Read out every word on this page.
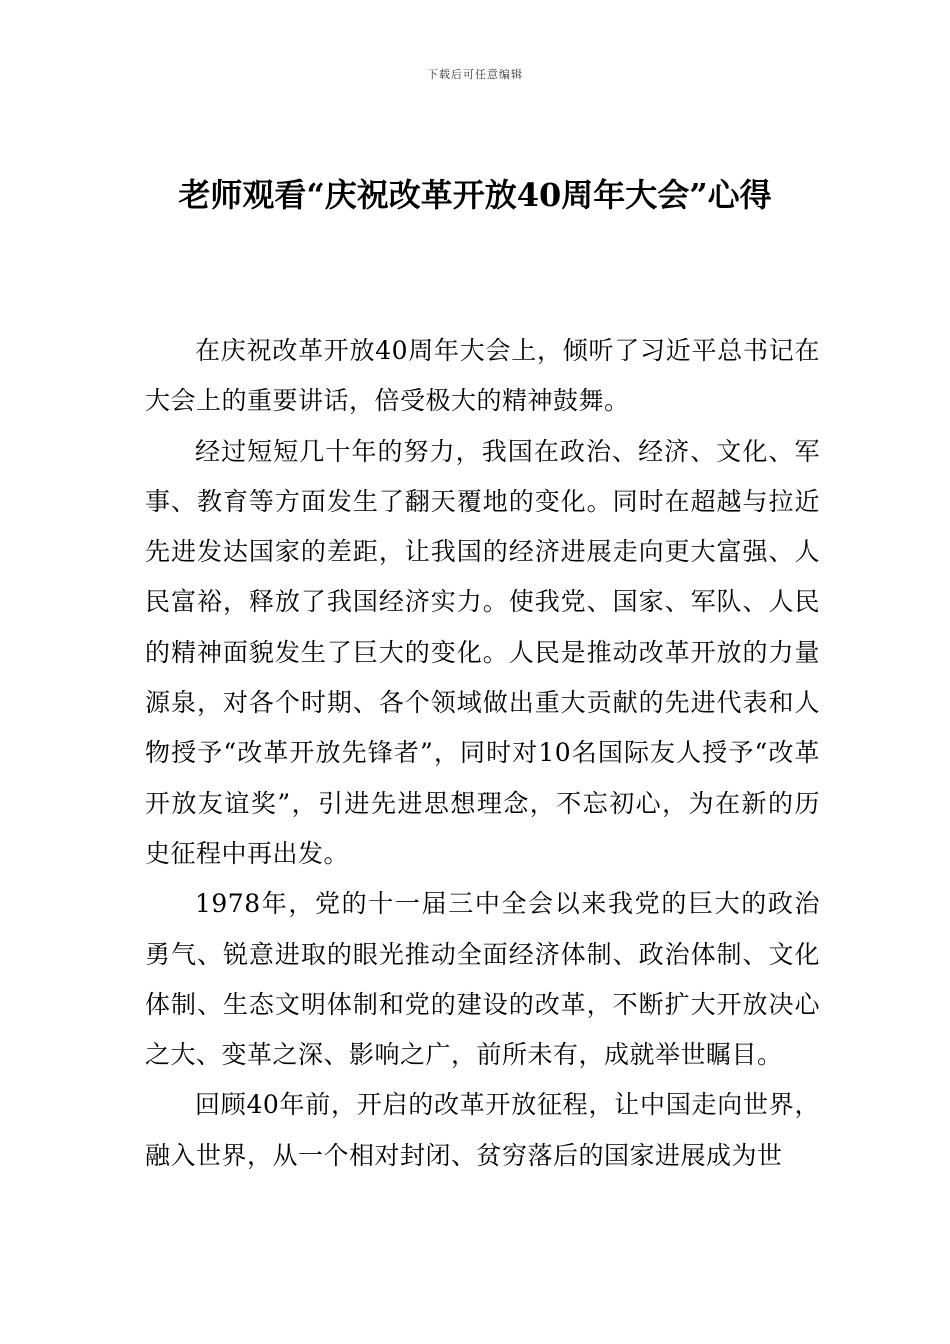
下载后可任意编辑
老师观看“庆祝改革开放40周年大会”心得

在庆祝改革开放40周年大会上，倾听了习近平总书记在大会上的重要讲话，倍受极大的精神鼓舞。

经过短短几十年的努力，我国在政治、经济、文化、军事、教育等方面发生了翻天覆地的变化。同时在超越与拉近先进发达国家的差距，让我国的经济进展走向更大富强、人民富裕，释放了我国经济实力。使我党、国家、军队、人民的精神面貌发生了巨大的变化。人民是推动改革开放的力量源泉，对各个时期、各个领域做出重大贡献的先进代表和人物授予“改革开放先锋者”，同时对10名国际友人授予“改革开放友谊奖”，引进先进思想理念，不忘初心，为在新的历史征程中再出发。

1978年，党的十一届三中全会以来我党的巨大的政治勇气、锐意进取的眼光推动全面经济体制、政治体制、文化体制、生态文明体制和党的建设的改革，不断扩大开放决心之大、变革之深、影响之广，前所未有，成就举世瞩目。

回顾40年前，开启的改革开放征程，让中国走向世界，融入世界，从一个相对封闭、贫穷落后的国家进展成为世
